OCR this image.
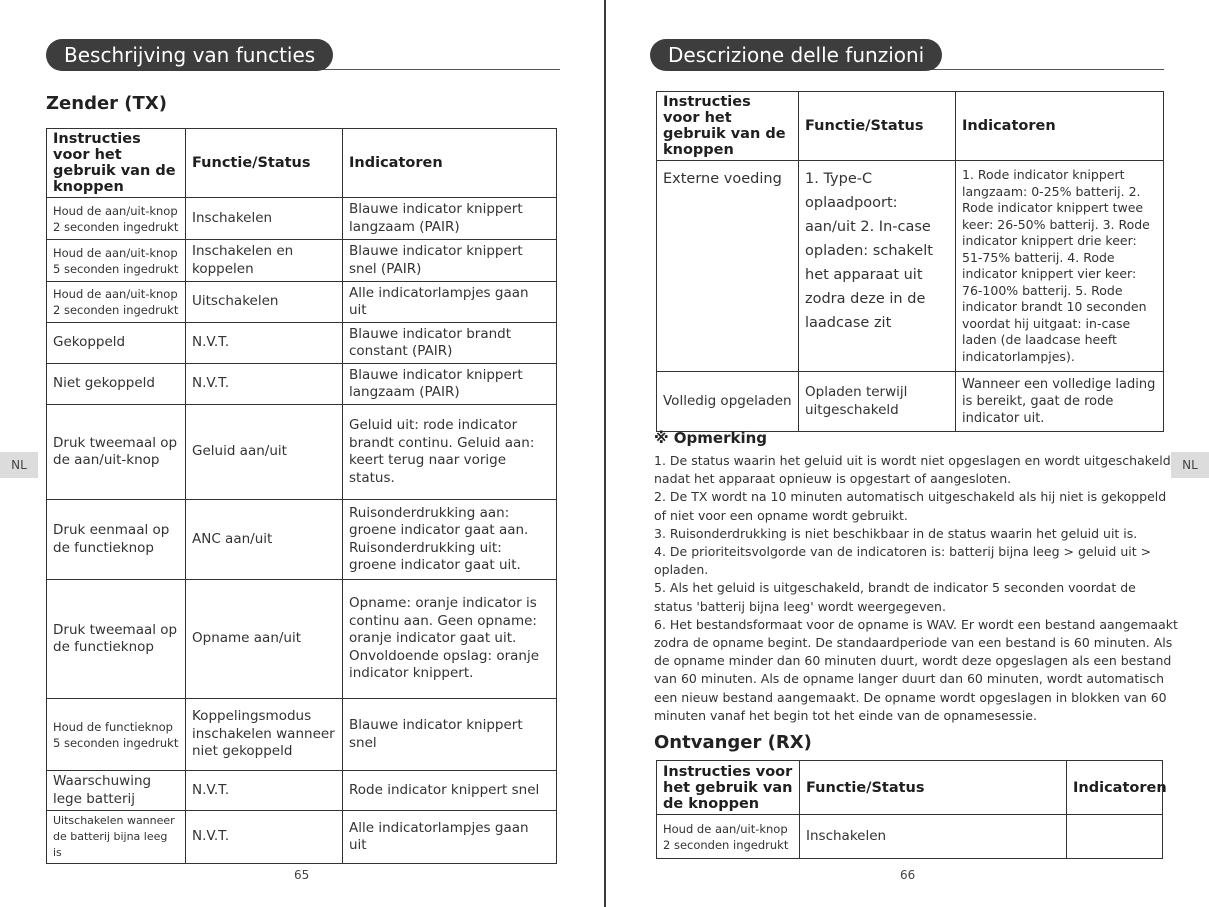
Beschrijving van functies
Zender (TX)
Instructies voor het gebruik van de knoppen	Functie/Status	Indicatoren
Houd de aan/uit-knop 2 seconden ingedrukt	Inschakelen	Blauwe indicator knippert langzaam (PAIR)
Houd de aan/uit-knop 5 seconden ingedrukt	Inschakelen en koppelen	Blauwe indicator knippert snel (PAIR)
Houd de aan/uit-knop 2 seconden ingedrukt	Uitschakelen	Alle indicatorlampjes gaan uit
Gekoppeld	N.V.T.	Blauwe indicator brandt constant (PAIR)
Niet gekoppeld	N.V.T.	Blauwe indicator knippert langzaam (PAIR)
Druk tweemaal op de aan/uit-knop	Geluid aan/uit	Geluid uit: rode indicator brandt continu. Geluid aan: keert terug naar vorige status.
Druk eenmaal op de functieknop	ANC aan/uit	Ruisonderdrukking aan: groene indicator gaat aan. Ruisonderdrukking uit: groene indicator gaat uit.
Druk tweemaal op de functieknop	Opname aan/uit	Opname: oranje indicator is continu aan. Geen opname: oranje indicator gaat uit. Onvoldoende opslag: oranje indicator knippert.
Houd de functieknop 5 seconden ingedrukt	Koppelingsmodus inschakelen wanneer niet gekoppeld	Blauwe indicator knippert snel
Waarschuwing lege batterij	N.V.T.	Rode indicator knippert snel
Uitschakelen wanneer de batterij bijna leeg is	N.V.T.	Alle indicatorlampjes gaan uit
NL
65
Descrizione delle funzioni
Instructies voor het gebruik van de knoppen	Functie/Status	Indicatoren
Externe voeding	1. Type-C oplaadpoort: aan/uit 2. In-case opladen: schakelt het apparaat uit zodra deze in de laadcase zit	1. Rode indicator knippert langzaam: 0-25% batterij. 2. Rode indicator knippert twee keer: 26-50% batterij. 3. Rode indicator knippert drie keer: 51-75% batterij. 4. Rode indicator knippert vier keer: 76-100% batterij. 5. Rode indicator brandt 10 seconden voordat hij uitgaat: in-case laden (de laadcase heeft indicatorlampjes).
Volledig opgeladen	Opladen terwijl uitgeschakeld	Wanneer een volledige lading is bereikt, gaat de rode indicator uit.
※ Opmerking

1. De status waarin het geluid uit is wordt niet opgeslagen en wordt uitgeschakeld nadat het apparaat opnieuw is opgestart of aangesloten.

2. De TX wordt na 10 minuten automatisch uitgeschakeld als hij niet is gekoppeld of niet voor een opname wordt gebruikt.

3. Ruisonderdrukking is niet beschikbaar in de status waarin het geluid uit is.

4. De prioriteitsvolgorde van de indicatoren is: batterij bijna leeg > geluid uit > opladen.

5. Als het geluid is uitgeschakeld, brandt de indicator 5 seconden voordat de status 'batterij bijna leeg' wordt weergegeven.

6. Het bestandsformaat voor de opname is WAV. Er wordt een bestand aangemaakt zodra de opname begint. De standaardperiode van een bestand is 60 minuten. Als de opname minder dan 60 minuten duurt, wordt deze opgeslagen als een bestand van 60 minuten. Als de opname langer duurt dan 60 minuten, wordt automatisch een nieuw bestand aangemaakt. De opname wordt opgeslagen in blokken van 60 minuten vanaf het begin tot het einde van de opnamesessie.

Ontvanger (RX)
Instructies voor het gebruik van de knoppen	Functie/Status	Indicatoren
Houd de aan/uit-knop 2 seconden ingedrukt	Inschakelen	
NL
66
